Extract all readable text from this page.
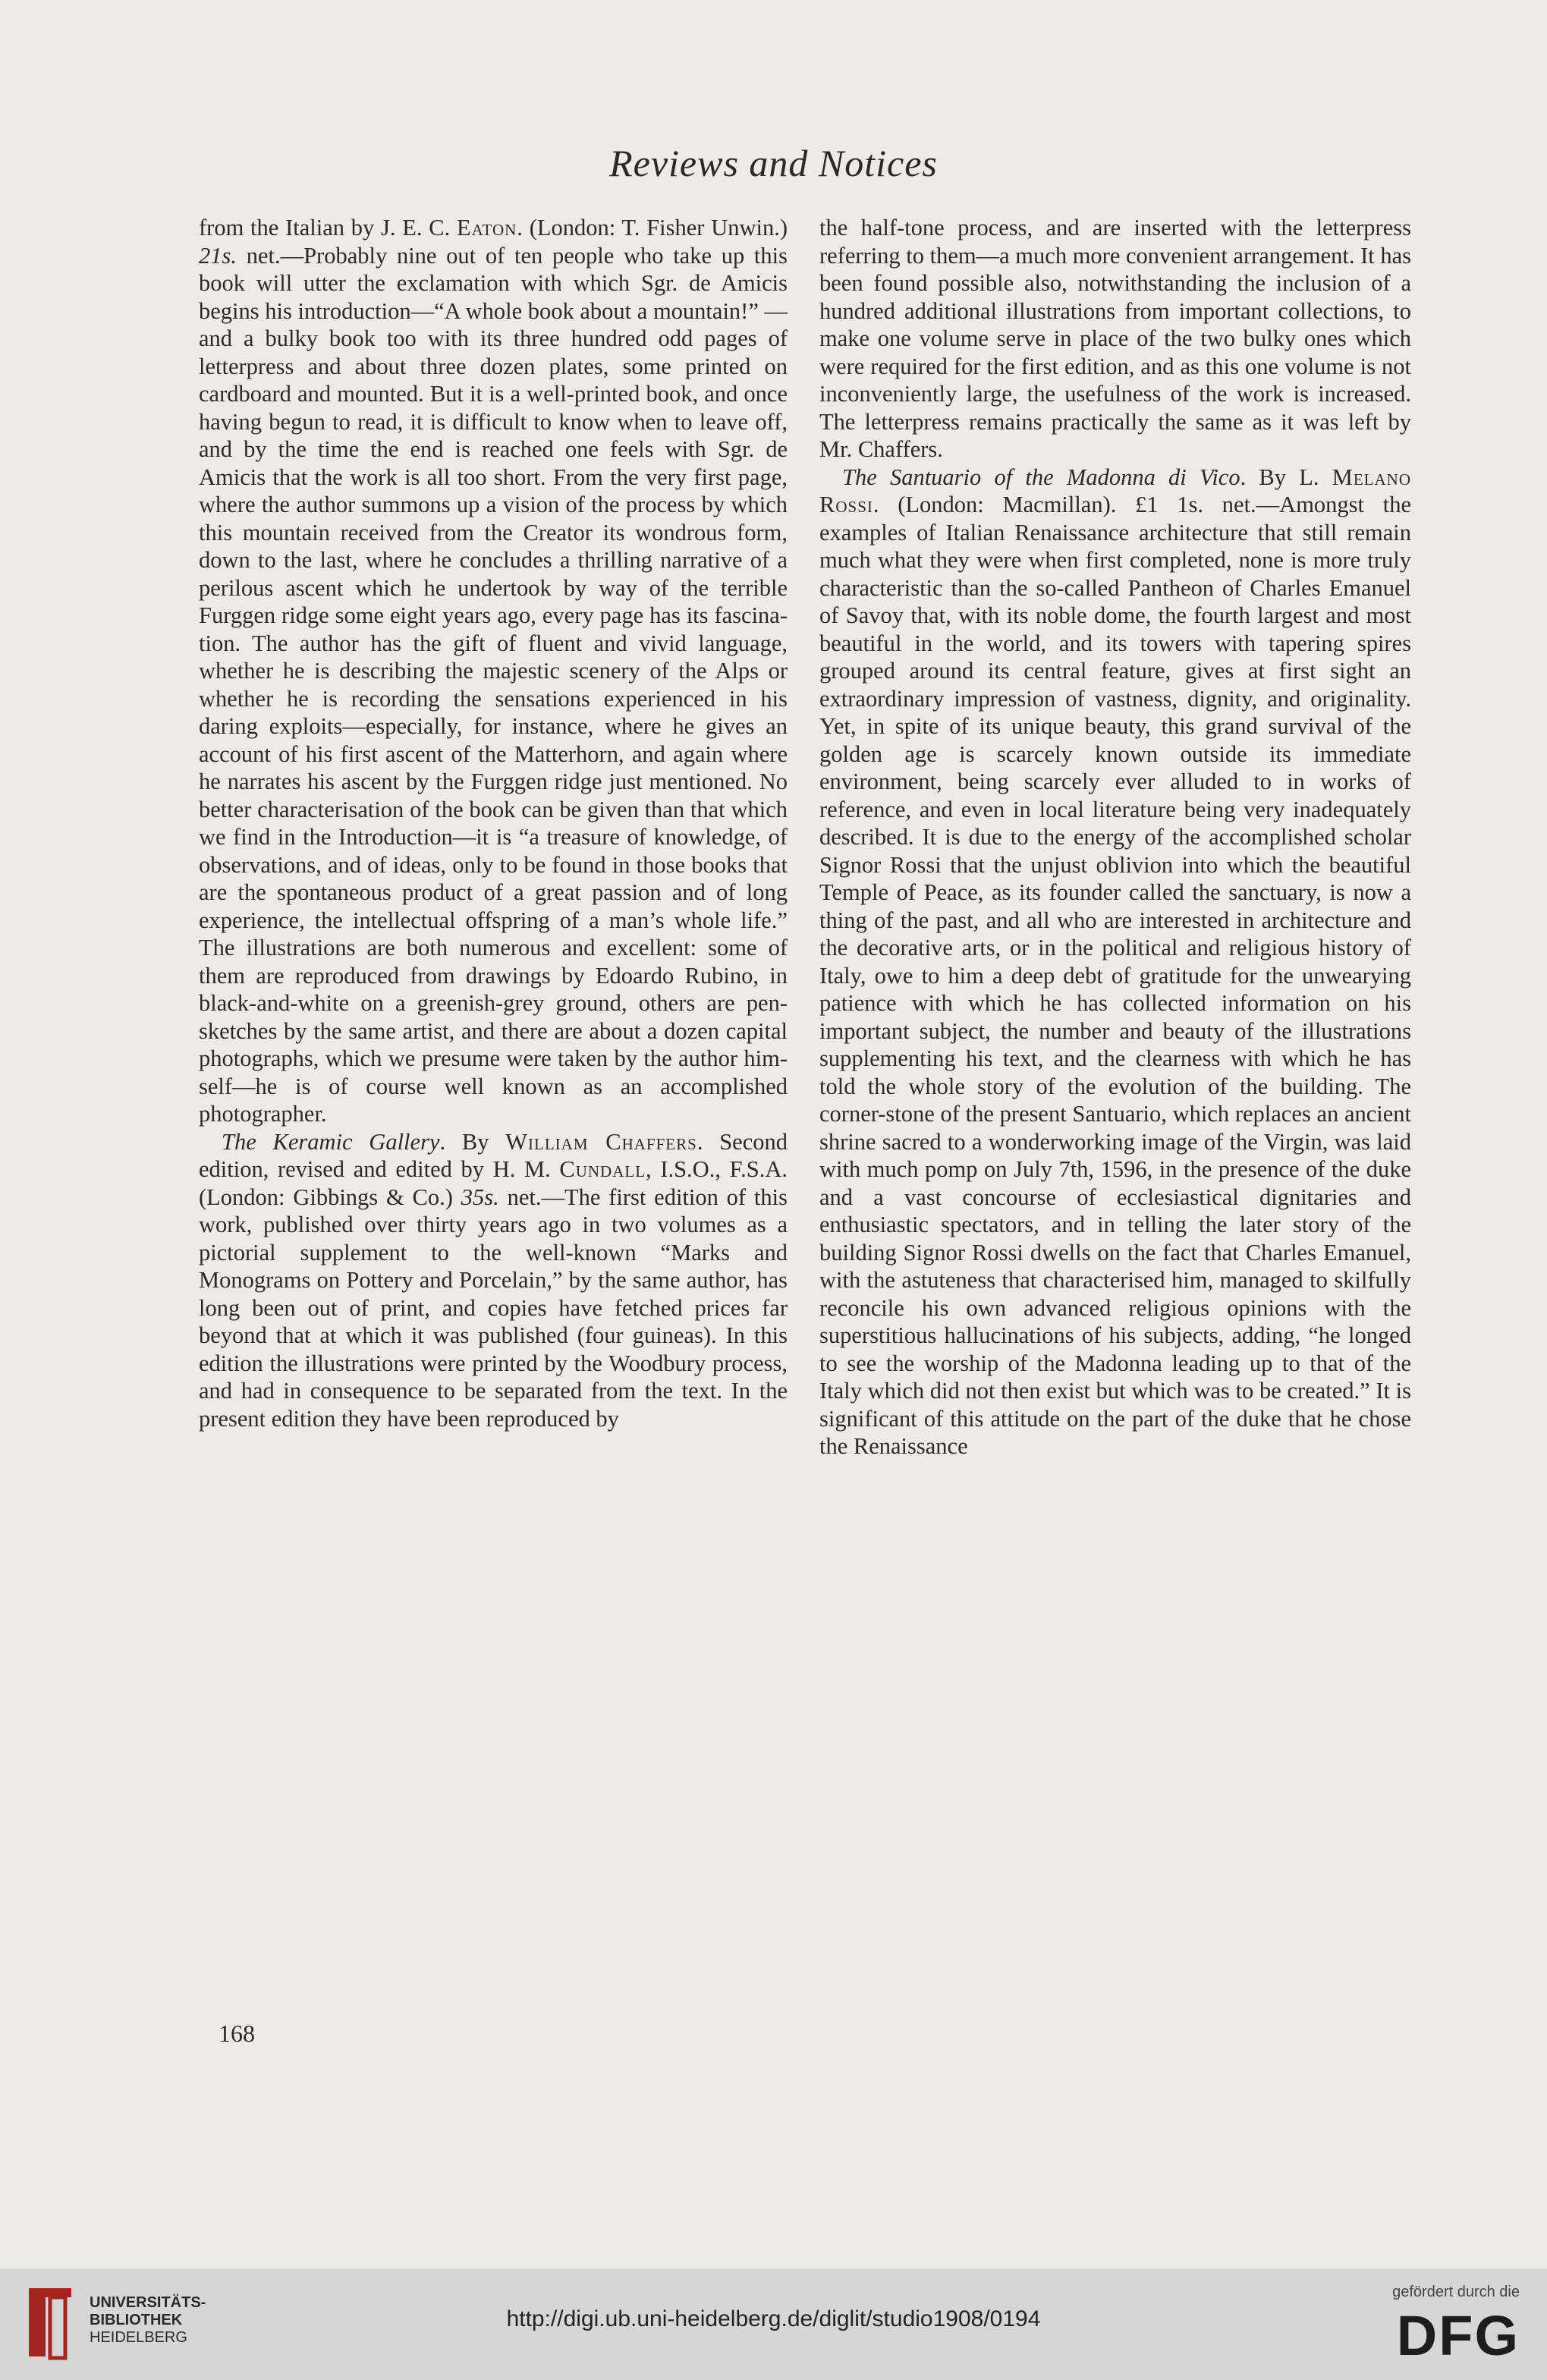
Reviews and Notices

from the Italian by J. E. C. Eaton. (London: T. Fisher Unwin.) 21s. net.—Probably nine out of ten people who take up this book will utter the exclamation with which Sgr. de Amicis begins his introduction—“A whole book about a mountain!” —and a bulky book too with its three hundred odd pages of letterpress and about three dozen plates, some printed on cardboard and mounted. But it is a well-printed book, and once having begun to read, it is difficult to know when to leave off, and by the time the end is reached one feels with Sgr. de Amicis that the work is all too short. From the very first page, where the author summons up a vision of the process by which this mountain received from the Creator its wondrous form, down to the last, where he concludes a thrilling narrative of a perilous ascent which he undertook by way of the terrible Furggen ridge some eight years ago, every page has its fascination. The author has the gift of fluent and vivid language, whether he is describing the majestic scenery of the Alps or whether he is recording the sensations experienced in his daring exploits—especially, for instance, where he gives an account of his first ascent of the Matterhorn, and again where he narrates his ascent by the Furggen ridge just mentioned. No better characterisation of the book can be given than that which we find in the Introduction—it is “a treasure of knowledge, of observations, and of ideas, only to be found in those books that are the spontaneous product of a great passion and of long experience, the intellectual offspring of a man’s whole life.” The illustrations are both numerous and excellent: some of them are reproduced from drawings by Edoardo Rubino, in black-and-white on a greenish-grey ground, others are pen-sketches by the same artist, and there are about a dozen capital photographs, which we presume were taken by the author himself—he is of course well known as an accomplished photographer.

The Keramic Gallery. By William Chaffers. Second edition, revised and edited by H. M. Cundall, I.S.O., F.S.A. (London: Gibbings & Co.) 35s. net.—The first edition of this work, published over thirty years ago in two volumes as a pictorial supplement to the well-known “Marks and Monograms on Pottery and Porcelain,” by the same author, has long been out of print, and copies have fetched prices far beyond that at which it was published (four guineas). In this edition the illustrations were printed by the Woodbury process, and had in consequence to be separated from the text. In the present edition they have been reproduced by

the half-tone process, and are inserted with the letterpress referring to them—a much more convenient arrangement. It has been found possible also, notwithstanding the inclusion of a hundred additional illustrations from important collections, to make one volume serve in place of the two bulky ones which were required for the first edition, and as this one volume is not inconveniently large, the usefulness of the work is increased. The letterpress remains practically the same as it was left by Mr. Chaffers.

The Santuario of the Madonna di Vico. By L. Melano Rossi. (London: Macmillan). £1 1s. net.—Amongst the examples of Italian Renaissance architecture that still remain much what they were when first completed, none is more truly characteristic than the so-called Pantheon of Charles Emanuel of Savoy that, with its noble dome, the fourth largest and most beautiful in the world, and its towers with tapering spires grouped around its central feature, gives at first sight an extraordinary impression of vastness, dignity, and originality. Yet, in spite of its unique beauty, this grand survival of the golden age is scarcely known outside its immediate environment, being scarcely ever alluded to in works of reference, and even in local literature being very inadequately described. It is due to the energy of the accomplished scholar Signor Rossi that the unjust oblivion into which the beautiful Temple of Peace, as its founder called the sanctuary, is now a thing of the past, and all who are interested in architecture and the decorative arts, or in the political and religious history of Italy, owe to him a deep debt of gratitude for the unwearying patience with which he has collected information on his important subject, the number and beauty of the illustrations supplementing his text, and the clearness with which he has told the whole story of the evolution of the building. The corner-stone of the present Santuario, which replaces an ancient shrine sacred to a wonderworking image of the Virgin, was laid with much pomp on July 7th, 1596, in the presence of the duke and a vast concourse of ecclesiastical dignitaries and enthusiastic spectators, and in telling the later story of the building Signor Rossi dwells on the fact that Charles Emanuel, with the astuteness that characterised him, managed to skilfully reconcile his own advanced religious opinions with the superstitious hallucinations of his subjects, adding, “he longed to see the worship of the Madonna leading up to that of the Italy which did not then exist but which was to be created.” It is significant of this attitude on the part of the duke that he chose the Renaissance

168
UNIVERSITÄTS-
BIBLIOTHEK
HEIDELBERG
http://digi.ub.uni-heidelberg.de/diglit/studio1908/0194
gefördert durch die
DFG
